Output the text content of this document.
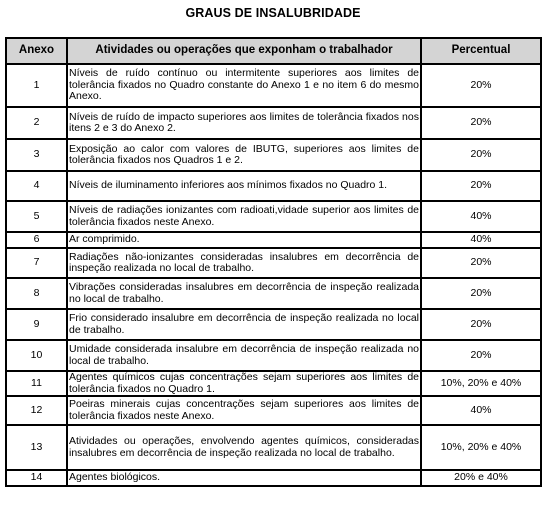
GRAUS DE INSALUBRIDADE
Anexo	Atividades ou operações que exponham o trabalhador	Percentual
1	Níveis de ruído contínuo ou intermitente superiores aos limites de tolerância fixados no Quadro constante do Anexo 1 e no item 6 do mesmo Anexo.	20%
2	Níveis de ruído de impacto superiores aos limites de tolerância fixados nos itens 2 e 3 do Anexo 2.	20%
3	Exposição ao calor com valores de IBUTG, superiores aos limites de tolerância fixados nos Quadros 1 e 2.	20%
4	Níveis de iluminamento inferiores aos mínimos fixados no Quadro 1.	20%
5	Níveis de radiações ionizantes com radioati,vidade superior aos limites de tolerância fixados neste Anexo.	40%
6	Ar comprimido.	40%
7	Radiações não-ionizantes consideradas insalubres em decorrência de inspeção realizada no local de trabalho.	20%
8	Vibrações consideradas insalubres em decorrência de inspeção realizada no local de trabalho.	20%
9	Frio considerado insalubre em decorrência de inspeção realizada no local de trabalho.	20%
10	Umidade considerada insalubre em decorrência de inspeção realizada no local de trabalho.	20%
11	Agentes químicos cujas concentrações sejam superiores aos limites de tolerância fixados no Quadro 1.	10%, 20% e 40%
12	Poeiras minerais cujas concentrações sejam superiores aos limites de tolerância fixados neste Anexo.	40%
13	Atividades ou operações, envolvendo agentes químicos, consideradas insalubres em decorrência de inspeção realizada no local de trabalho.	10%, 20% e 40%
14	Agentes biológicos.	20% e 40%
